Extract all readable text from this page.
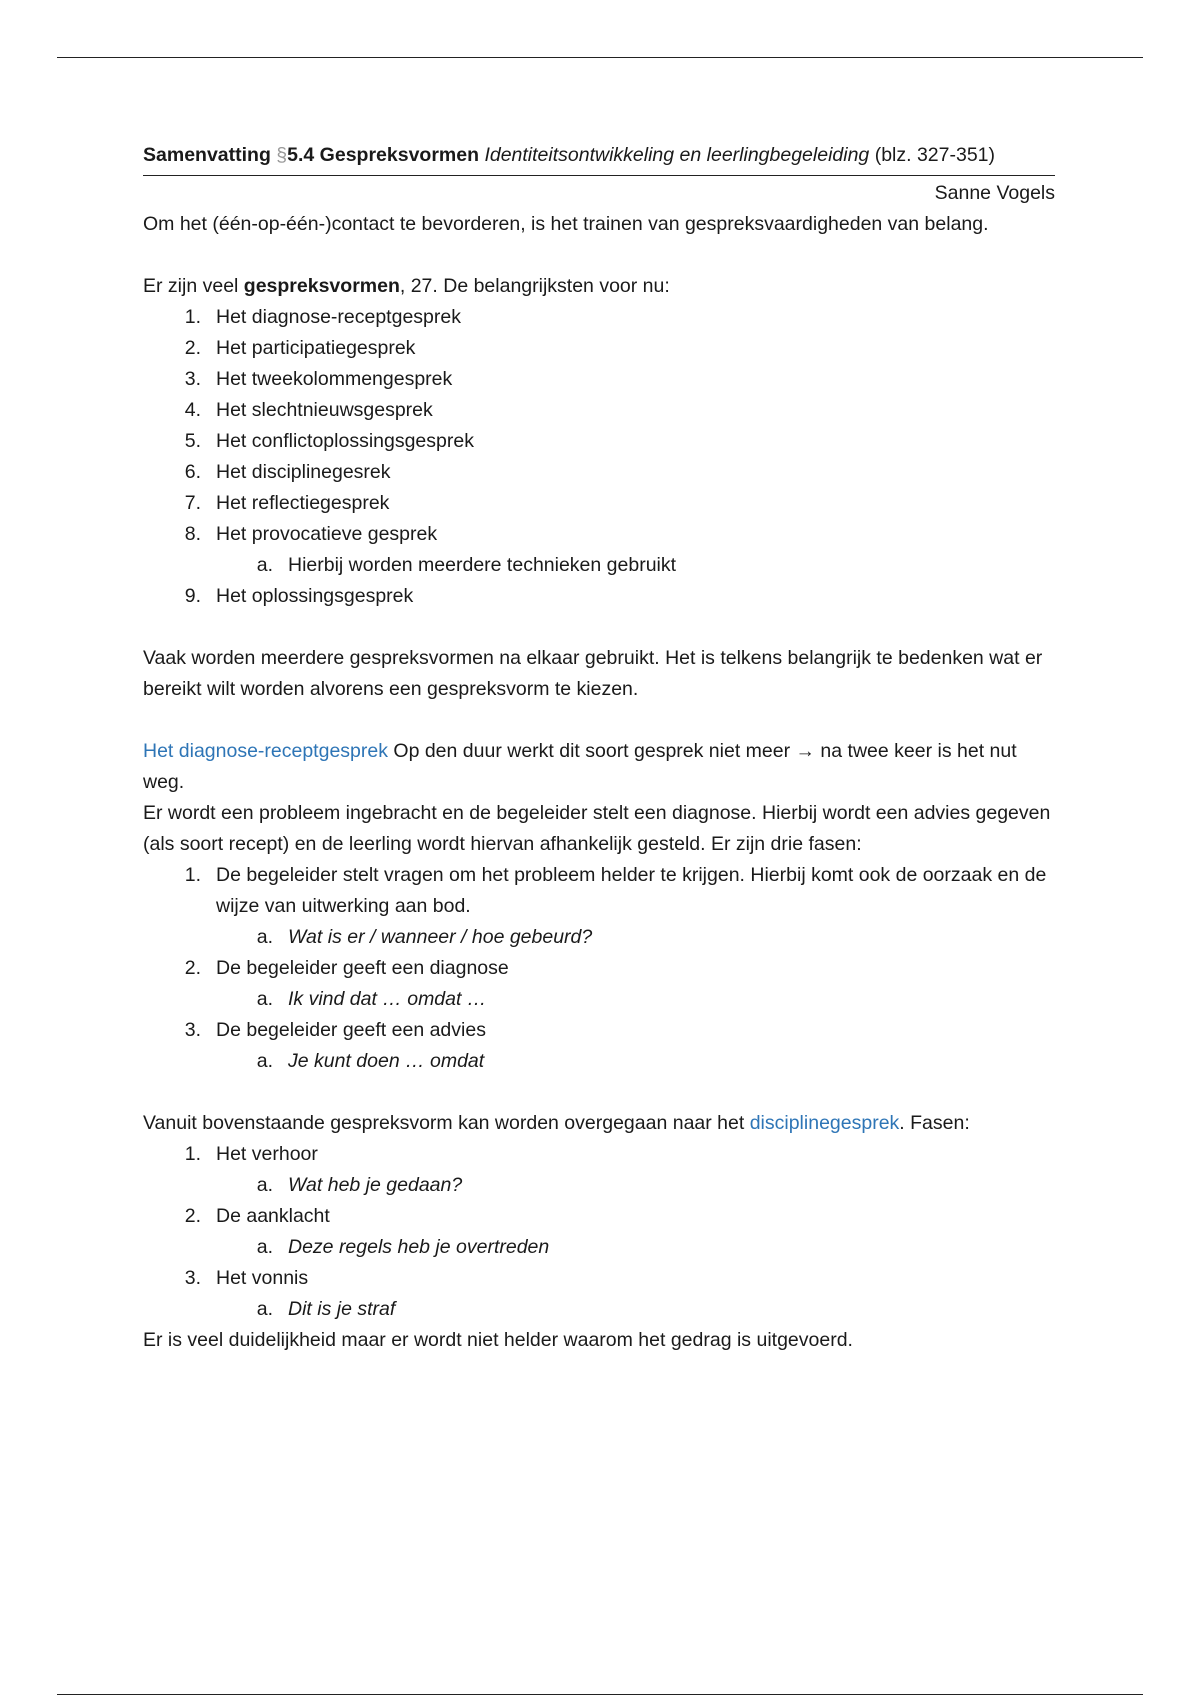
Samenvatting §5.4 Gespreksvormen Identiteitsontwikkeling en leerlingbegeleiding (blz. 327-351)
Sanne Vogels

Om het (één-op-één-)contact te bevorderen, is het trainen van gespreksvaardigheden van belang.

Er zijn veel gespreksvormen, 27. De belangrijksten voor nu:

1. Het diagnose-receptgesprek
2. Het participatiegesprek
3. Het tweekolommengesprek
4. Het slechtnieuwsgesprek
5. Het conflictoplossingsgesprek
6. Het disciplinegesrek
7. Het reflectiegesprek
8. Het provocatieve gesprek
a. Hierbij worden meerdere technieken gebruikt
9. Het oplossingsgesprek

Vaak worden meerdere gespreksvormen na elkaar gebruikt. Het is telkens belangrijk te bedenken wat er bereikt wilt worden alvorens een gespreksvorm te kiezen.

Het diagnose-receptgesprek Op den duur werkt dit soort gesprek niet meer → na twee keer is het nut weg.

Er wordt een probleem ingebracht en de begeleider stelt een diagnose. Hierbij wordt een advies gegeven (als soort recept) en de leerling wordt hiervan afhankelijk gesteld. Er zijn drie fasen:

1. De begeleider stelt vragen om het probleem helder te krijgen. Hierbij komt ook de oorzaak en de wijze van uitwerking aan bod.
a. Wat is er / wanneer / hoe gebeurd?
2. De begeleider geeft een diagnose
a. Ik vind dat … omdat …
3. De begeleider geeft een advies
a. Je kunt doen … omdat

Vanuit bovenstaande gespreksvorm kan worden overgegaan naar het disciplinegesprek. Fasen:

1. Het verhoor
a. Wat heb je gedaan?
2. De aanklacht
a. Deze regels heb je overtreden
3. Het vonnis
a. Dit is je straf

Er is veel duidelijkheid maar er wordt niet helder waarom het gedrag is uitgevoerd.
